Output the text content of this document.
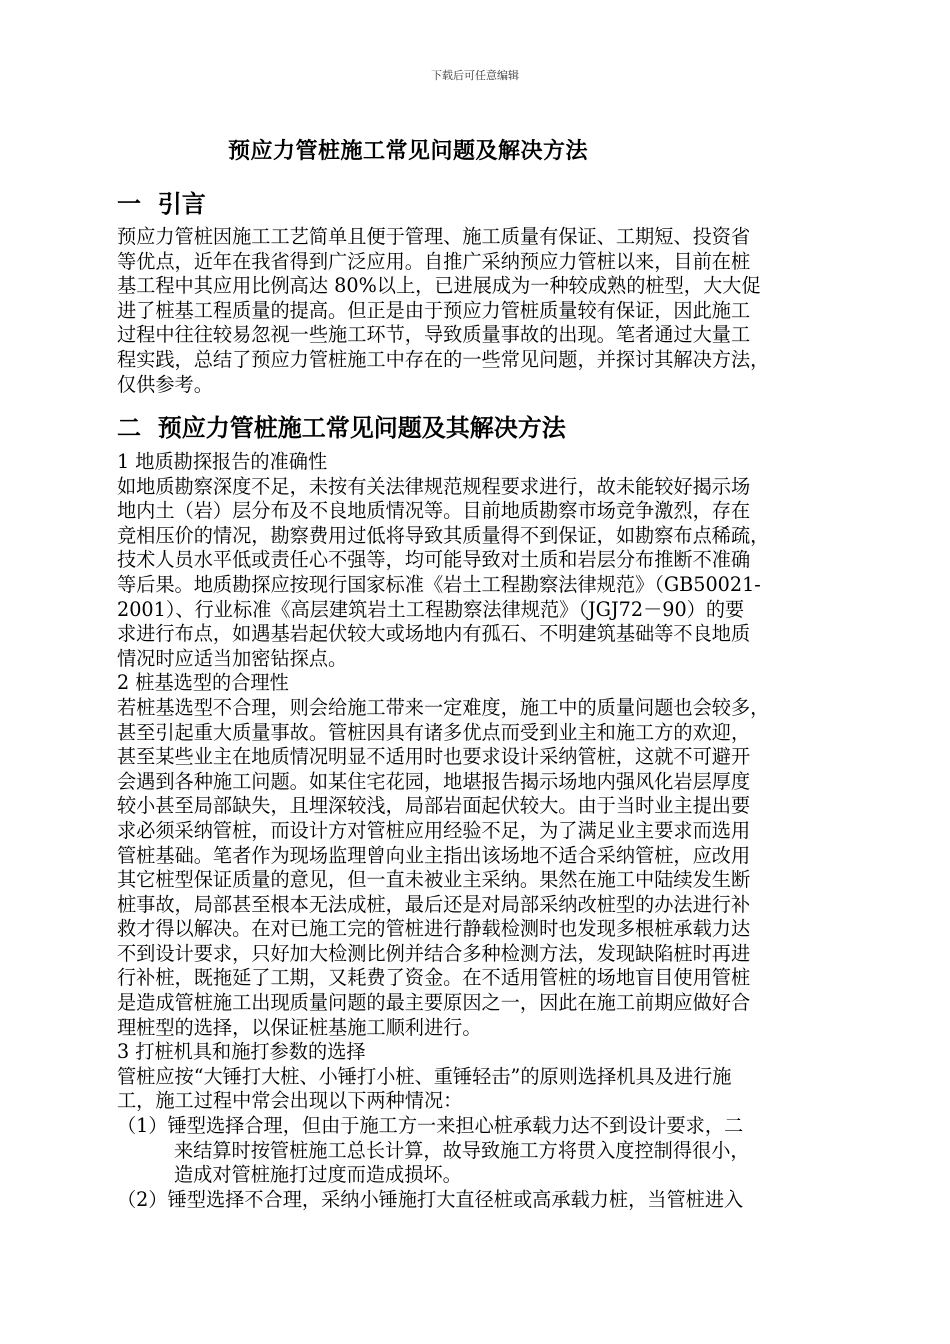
下载后可任意编辑
预应力管桩施工常见问题及解决方法
一  引言
预应力管桩因施工工艺简单且便于管理、施工质量有保证、工期短、投资省
等优点，近年在我省得到广泛应用。自推广采纳预应力管桩以来，目前在桩
基工程中其应用比例高达 80%以上，已进展成为一种较成熟的桩型，大大促
进了桩基工程质量的提高。但正是由于预应力管桩质量较有保证，因此施工
过程中往往较易忽视一些施工环节，导致质量事故的出现。笔者通过大量工
程实践，总结了预应力管桩施工中存在的一些常见问题，并探讨其解决方法，
仅供参考。
二  预应力管桩施工常见问题及其解决方法
1 地质勘探报告的准确性
如地质勘察深度不足，未按有关法律规范规程要求进行，故未能较好揭示场
地内土（岩）层分布及不良地质情况等。目前地质勘察市场竞争激烈，存在
竞相压价的情况，勘察费用过低将导致其质量得不到保证，如勘察布点稀疏，
技术人员水平低或责任心不强等，均可能导致对土质和岩层分布推断不准确
等后果。地质勘探应按现行国家标准《岩土工程勘察法律规范》（GB50021-
2001）、行业标准《高层建筑岩土工程勘察法律规范》（JGJ72－90）的要
求进行布点，如遇基岩起伏较大或场地内有孤石、不明建筑基础等不良地质
情况时应适当加密钻探点。
2 桩基选型的合理性
若桩基选型不合理，则会给施工带来一定难度，施工中的质量问题也会较多，
甚至引起重大质量事故。管桩因具有诸多优点而受到业主和施工方的欢迎，
甚至某些业主在地质情况明显不适用时也要求设计采纳管桩，这就不可避开
会遇到各种施工问题。如某住宅花园，地堪报告揭示场地内强风化岩层厚度
较小甚至局部缺失，且埋深较浅，局部岩面起伏较大。由于当时业主提出要
求必须采纳管桩，而设计方对管桩应用经验不足，为了满足业主要求而选用
管桩基础。笔者作为现场监理曾向业主指出该场地不适合采纳管桩，应改用
其它桩型保证质量的意见，但一直未被业主采纳。果然在施工中陆续发生断
桩事故，局部甚至根本无法成桩，最后还是对局部采纳改桩型的办法进行补
救才得以解决。在对已施工完的管桩进行静载检测时也发现多根桩承载力达
不到设计要求，只好加大检测比例并结合多种检测方法，发现缺陷桩时再进
行补桩，既拖延了工期，又耗费了资金。在不适用管桩的场地盲目使用管桩
是造成管桩施工出现质量问题的最主要原因之一，因此在施工前期应做好合
理桩型的选择，以保证桩基施工顺利进行。
3 打桩机具和施打参数的选择
管桩应按“大锤打大桩、小锤打小桩、重锤轻击”的原则选择机具及进行施
工，施工过程中常会出现以下两种情况：
（1）锤型选择合理，但由于施工方一来担心桩承载力达不到设计要求，二
来结算时按管桩施工总长计算，故导致施工方将贯入度控制得很小，
造成对管桩施打过度而造成损坏。
（2）锤型选择不合理，采纳小锤施打大直径桩或高承载力桩，当管桩进入
